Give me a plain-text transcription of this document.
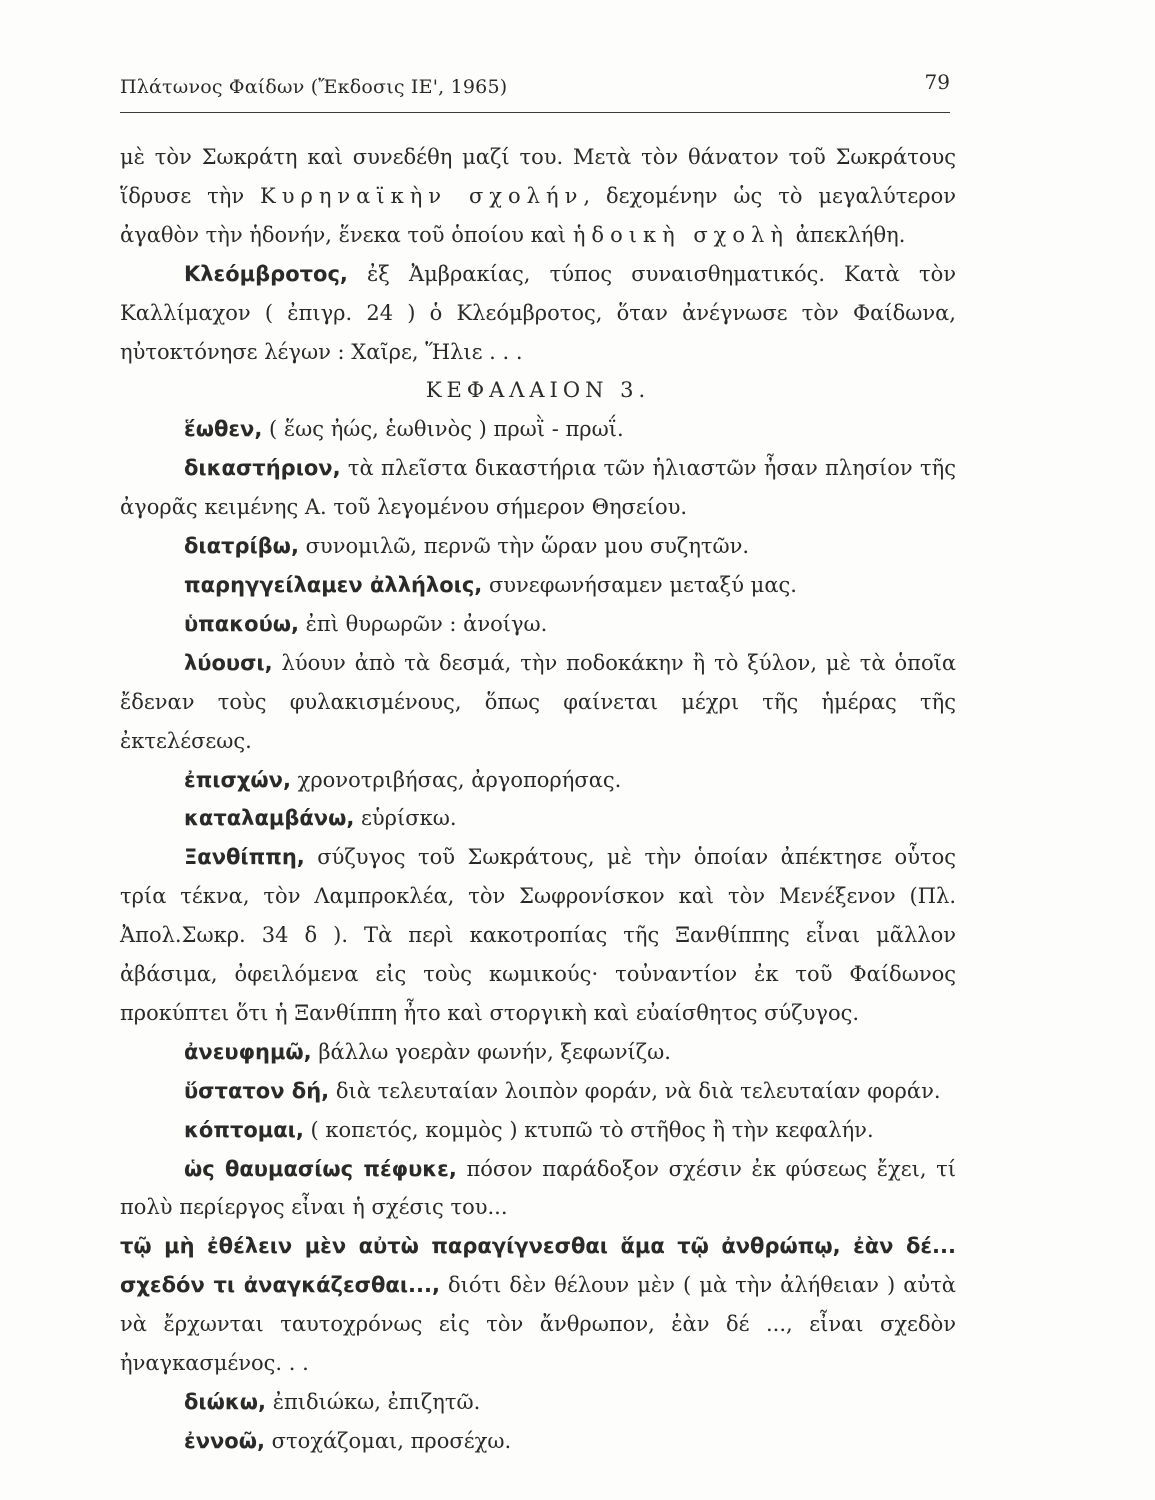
Πλάτωνος Φαίδων (Ἔκδοσις ΙΕ', 1965)	79

μὲ τὸν Σωκράτη καὶ συνεδέθη μαζί του. Μετὰ τὸν θάνατον τοῦ Σωκράτους ἵδρυσε τὴν Κυρηναϊκὴν σχολήν, δεχομένην ὡς τὸ μεγαλύτερον ἀγαθὸν τὴν ἡδονήν, ἕνεκα τοῦ ὁποίου καὶ ἡδοικὴ σχολὴ ἀπεκλήθη.

Κλεόμβροτος, ἐξ Ἀμβρακίας, τύπος συναισθηματικός. Κατὰ τὸν Καλλίμαχον ( ἐπιγρ. 24 ) ὁ Κλεόμβροτος, ὅταν ἀνέγνωσε τὸν Φαίδωνα, ηὐτοκτόνησε λέγων : Χαῖρε, Ἥλιε . . .

ΚΕΦΑΛΑΙΟΝ 3.

ἕωθεν, ( ἕως ἠώς, ἑωθινὸς ) πρωῒ - πρωΐ.

δικαστήριον, τὰ πλεῖστα δικαστήρια τῶν ἡλιαστῶν ἦσαν πλησίον τῆς ἀγορᾶς κειμένης Α. τοῦ λεγομένου σήμερον Θησείου.

διατρίβω, συνομιλῶ, περνῶ τὴν ὥραν μου συζητῶν.

παρηγγείλαμεν ἀλλήλοις, συνεφωνήσαμεν μεταξύ μας.

ὑπακούω, ἐπὶ θυρωρῶν : ἀνοίγω.

λύουσι, λύουν ἀπὸ τὰ δεσμά, τὴν ποδοκάκην ἢ τὸ ξύλον, μὲ τὰ ὁποῖα ἔδεναν τοὺς φυλακισμένους, ὅπως φαίνεται μέχρι τῆς ἡμέρας τῆς ἐκτελέσεως.

ἐπισχών, χρονοτριβήσας, ἀργοπορήσας.

καταλαμβάνω, εὑρίσκω.

Ξανθίππη, σύζυγος τοῦ Σωκράτους, μὲ τὴν ὁποίαν ἀπέκτησε οὗτος τρία τέκνα, τὸν Λαμπροκλέα, τὸν Σωφρονίσκον καὶ τὸν Μενέξενον (Πλ. Ἀπολ.Σωκρ. 34 δ ). Τὰ περὶ κακοτροπίας τῆς Ξανθίππης εἶναι μᾶλλον ἀβάσιμα, ὀφειλόμενα εἰς τοὺς κωμικούς· τοὐναντίον ἐκ τοῦ Φαίδωνος προκύπτει ὅτι ἡ Ξανθίππη ἦτο καὶ στοργικὴ καὶ εὐαίσθητος σύζυγος.

ἀνευφημῶ, βάλλω γοερὰν φωνήν, ξεφωνίζω.

ὕστατον δή, διὰ τελευταίαν λοιπὸν φοράν, νὰ διὰ τελευταίαν φοράν.

κόπτομαι, ( κοπετός, κομμὸς ) κτυπῶ τὸ στῆθος ἢ τὴν κεφαλήν.

ὡς θαυμασίως πέφυκε, πόσον παράδοξον σχέσιν ἐκ φύσεως ἔχει, τί πολὺ περίεργος εἶναι ἡ σχέσις του...

τῷ μὴ ἐθέλειν μὲν αὐτὼ παραγίγνεσθαι ἅμα τῷ ἀνθρώπῳ, ἐὰν δέ... σχεδόν τι ἀναγκάζεσθαι..., διότι δὲν θέλουν μὲν ( μὰ τὴν ἀλήθειαν ) αὐτὰ νὰ ἔρχωνται ταυτοχρόνως εἰς τὸν ἄνθρωπον, ἐὰν δέ ..., εἶναι σχεδὸν ἠναγκασμένος. . .

διώκω, ἐπιδιώκω, ἐπιζητῶ.

ἐννοῶ, στοχάζομαι, προσέχω.
